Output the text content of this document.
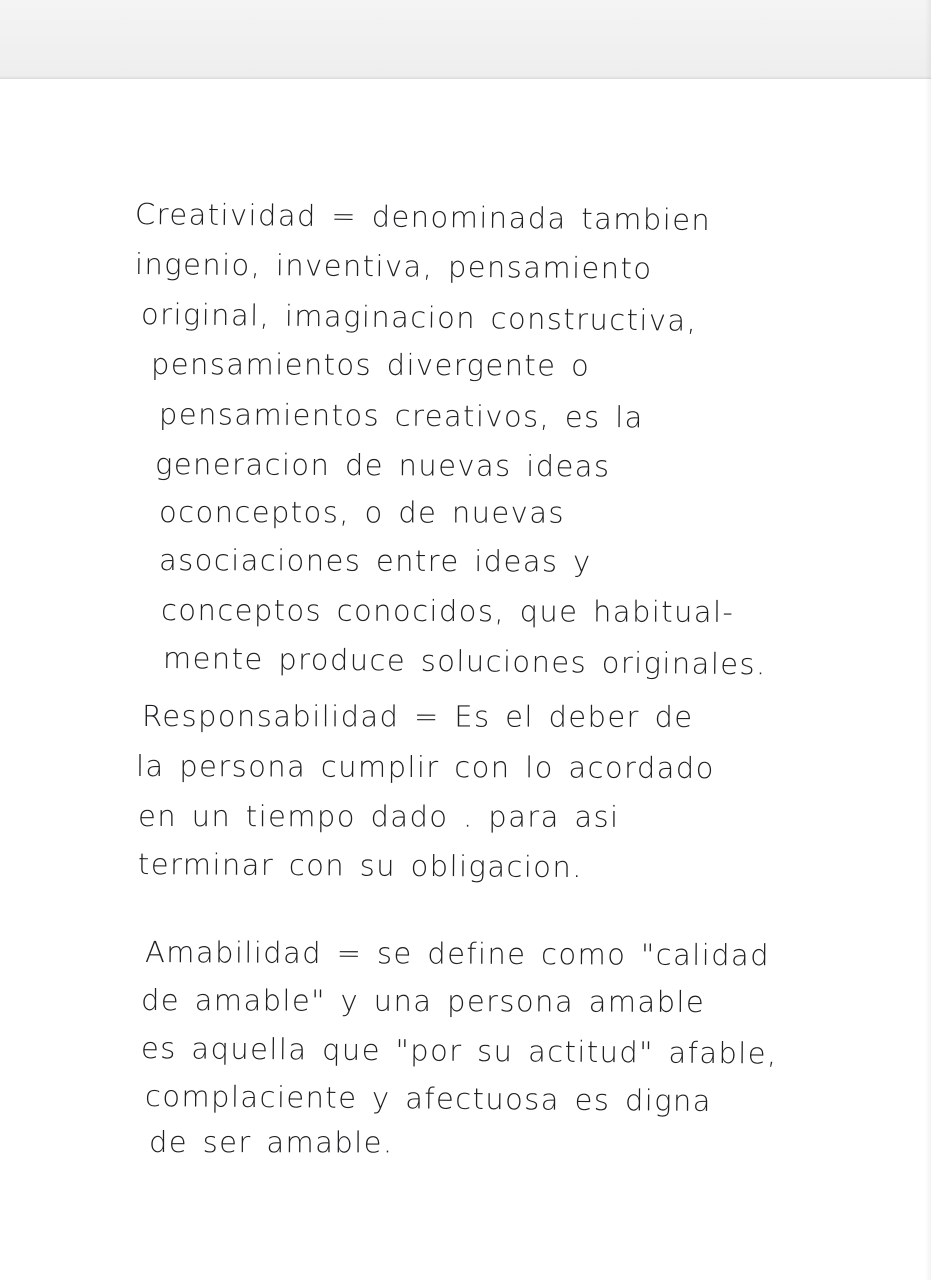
Creatividad = denominada tambien
ingenio, inventiva, pensamiento
original, imaginacion constructiva,
pensamientos divergente o
pensamientos creativos, es la
generacion de nuevas ideas
oconceptos, o de nuevas
asociaciones entre ideas y
conceptos conocidos, que habitual-
mente produce soluciones originales.
Responsabilidad = Es el deber de
la persona cumplir con lo acordado
en un tiempo dado . para asi
terminar con su obligacion.
Amabilidad = se define como "calidad
de amable" y una persona amable
es aquella que "por su actitud" afable,
complaciente y afectuosa es digna
de ser amable.
